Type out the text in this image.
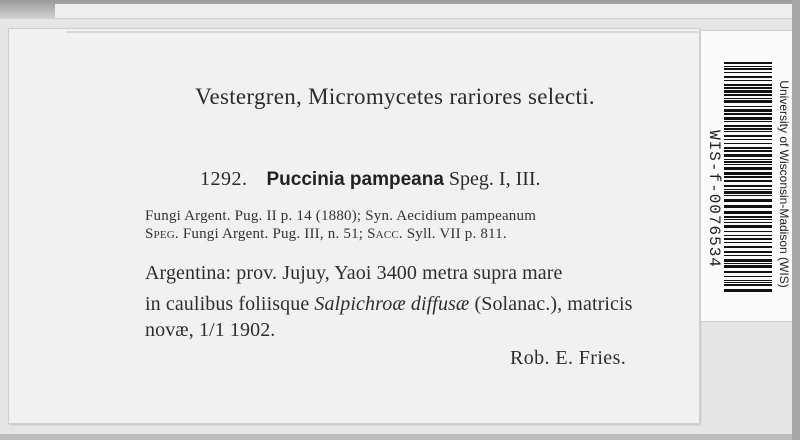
Vestergren, Micromycetes rariores selecti.
1292. Puccinia pampeana Speg. I, III.
Fungi Argent. Pug. II p. 14 (1880); Syn. Aecidium pampeanum
Speg. Fungi Argent. Pug. III, n. 51; Sacc. Syll. VII p. 811.
Argentina: prov. Jujuy, Yaoi 3400 metra supra mare
in caulibus foliisque Salpichroæ diffusæ (Solanac.), matricis
novæ, 1/1 1902.
Rob. E. Fries.
WIS-f-0076534	University of Wisconsin-Madison (WIS)
